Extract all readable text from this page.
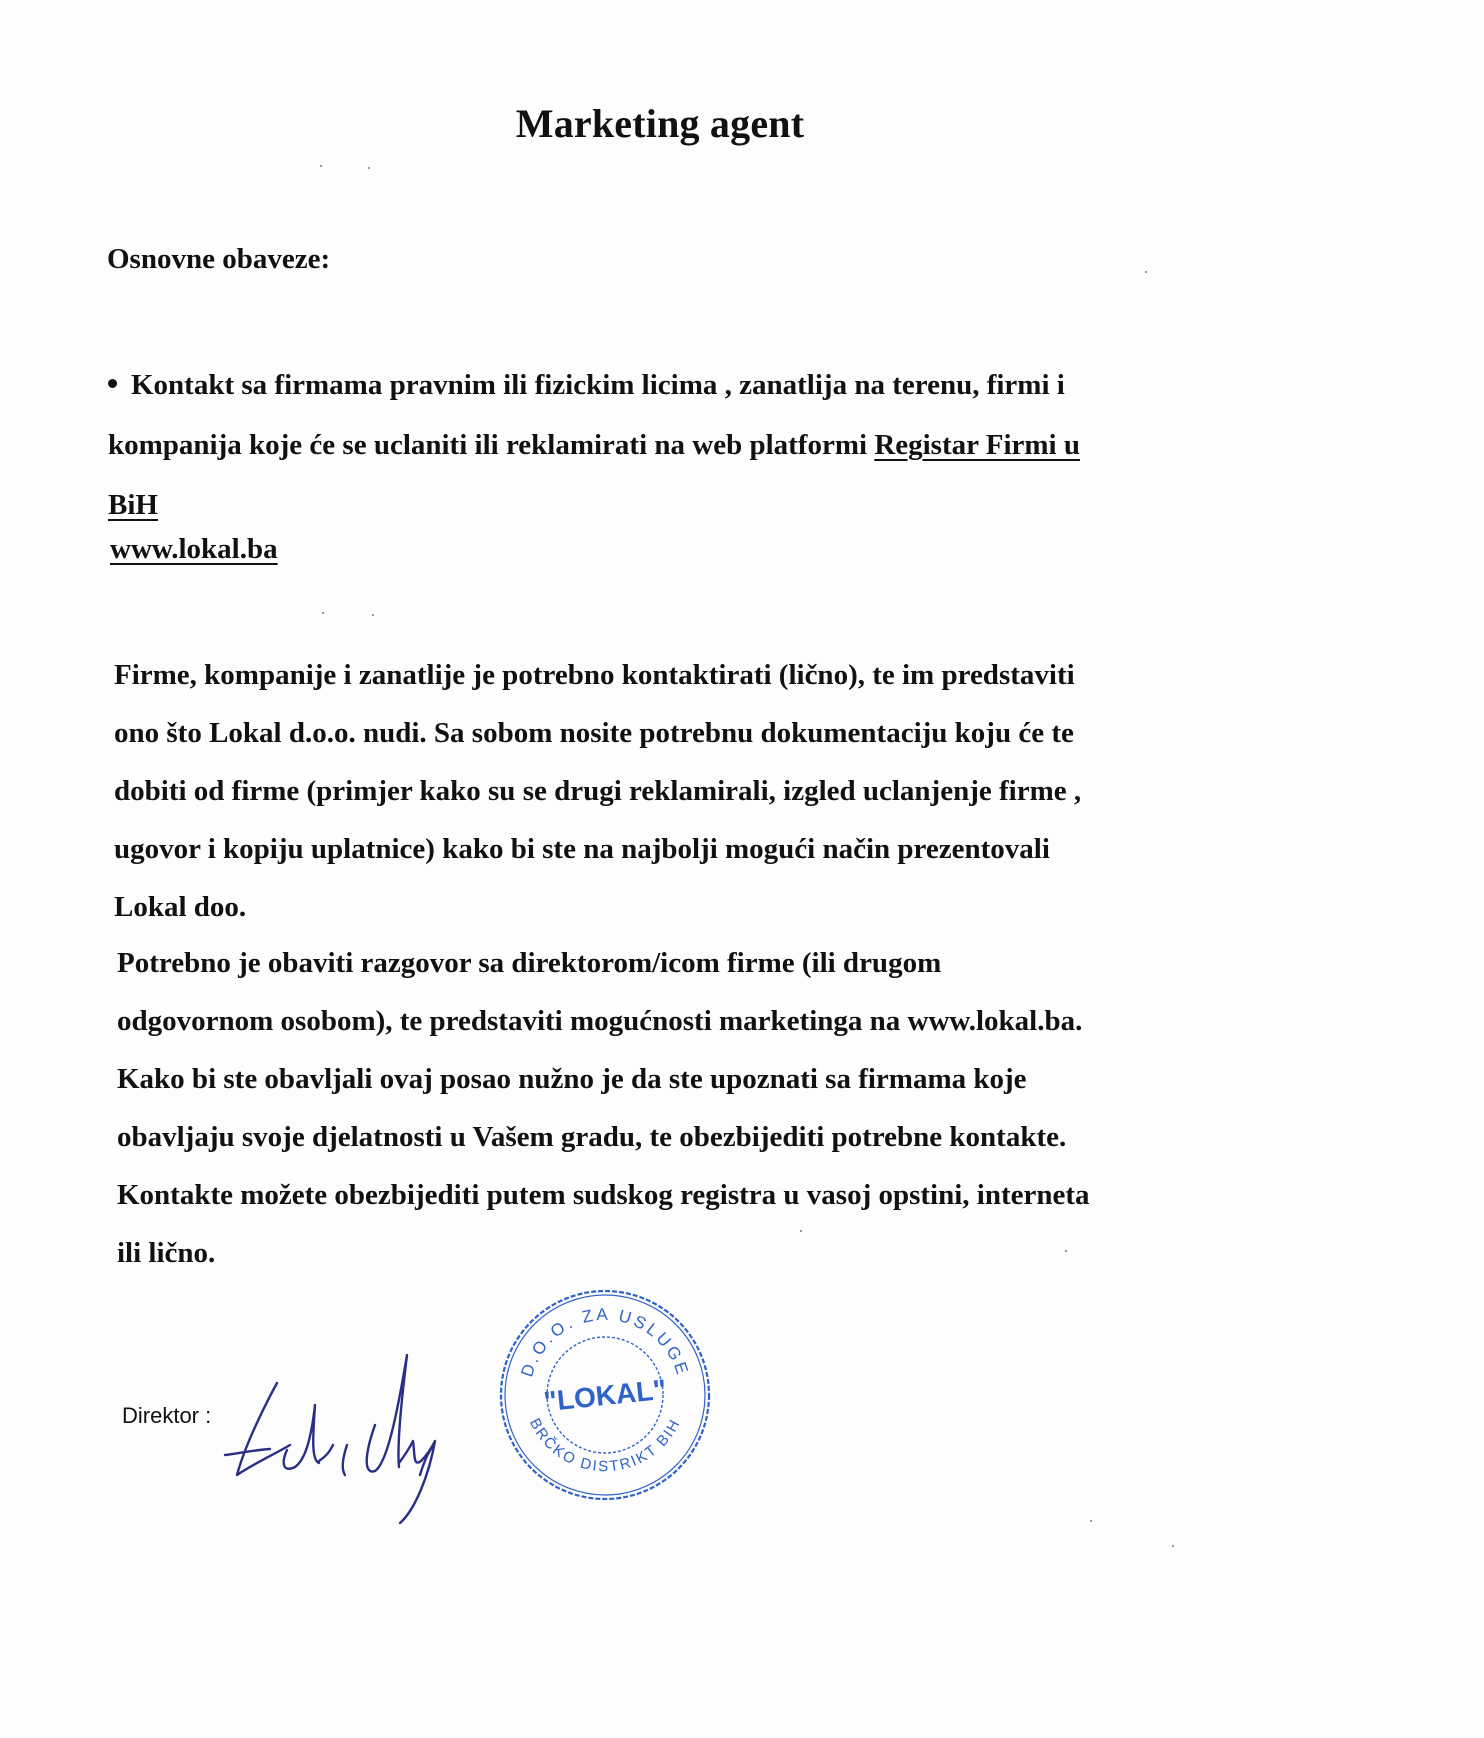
Marketing agent
Osnovne obaveze:
Kontakt sa firmama pravnim ili fizickim licima , zanatlija na terenu, firmi i
kompanija koje će se uclaniti ili reklamirati na web platformi Registar Firmi u
BiH
www.lokal.ba
Firme, kompanije i zanatlije je potrebno kontaktirati (lično), te im predstaviti
ono što Lokal d.o.o. nudi. Sa sobom nosite potrebnu dokumentaciju koju će te
dobiti od firme (primjer kako su se drugi reklamirali, izgled uclanjenje firme ,
ugovor i kopiju uplatnice) kako bi ste na najbolji mogući način prezentovali
Lokal doo.
Potrebno je obaviti razgovor sa direktorom/icom firme (ili drugom
odgovornom osobom), te predstaviti mogućnosti marketinga na www.lokal.ba.
Kako bi ste obavljali ovaj posao nužno je da ste upoznati sa firmama koje
obavljaju svoje djelatnosti u Vašem gradu, te obezbijediti potrebne kontakte.
Kontakte možete obezbijediti putem sudskog registra u vasoj opstini, interneta
ili lično.
Direktor :
D.O.O. ZA USLUGE
BRČKO DISTRIKT BIH
"LOKAL"
